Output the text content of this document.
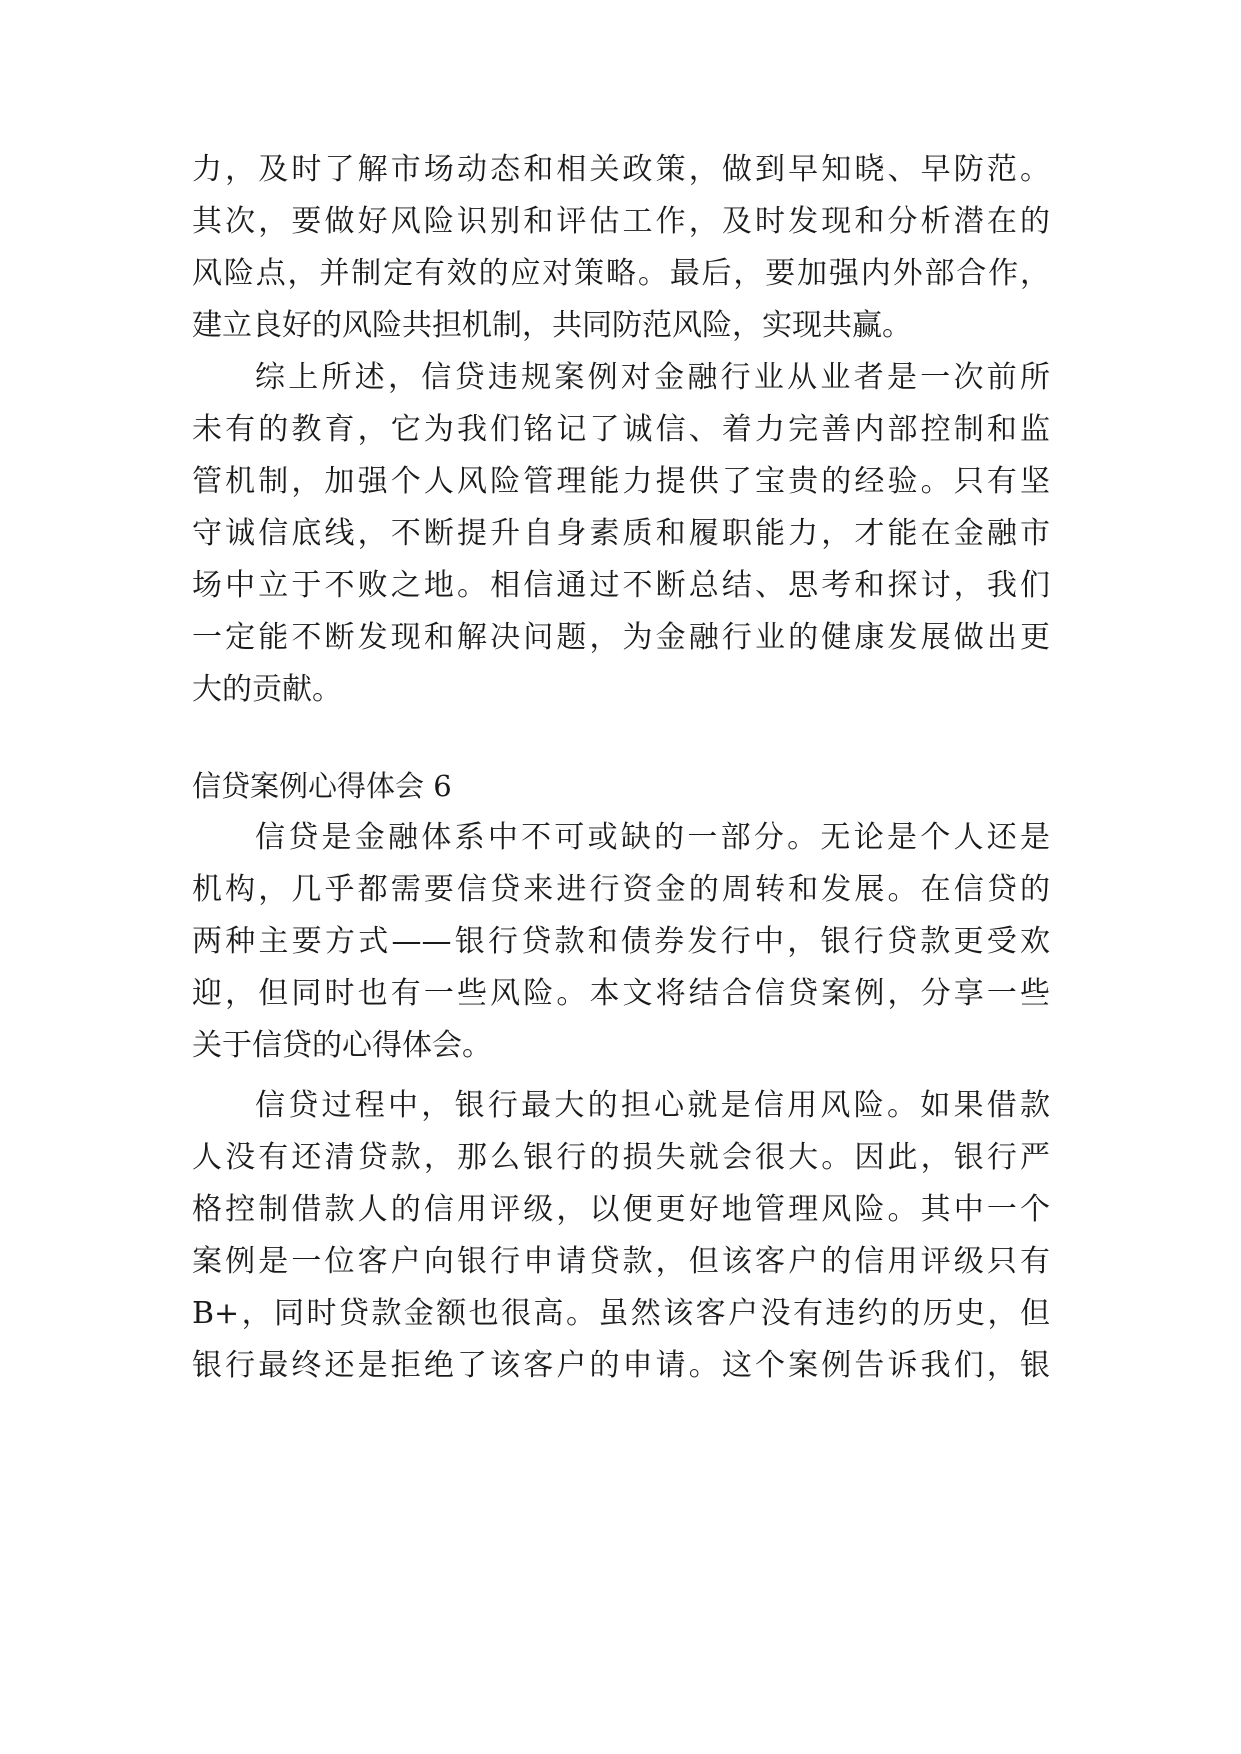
力，及时了解市场动态和相关政策，做到早知晓、早防范。
其次，要做好风险识别和评估工作，及时发现和分析潜在的
风险点，并制定有效的应对策略。最后，要加强内外部合作，
建立良好的风险共担机制，共同防范风险，实现共赢。
综上所述，信贷违规案例对金融行业从业者是一次前所
未有的教育，它为我们铭记了诚信、着力完善内部控制和监
管机制，加强个人风险管理能力提供了宝贵的经验。只有坚
守诚信底线，不断提升自身素质和履职能力，才能在金融市
场中立于不败之地。相信通过不断总结、思考和探讨，我们
一定能不断发现和解决问题，为金融行业的健康发展做出更
大的贡献。
信贷案例心得体会 6
信贷是金融体系中不可或缺的一部分。无论是个人还是
机构，几乎都需要信贷来进行资金的周转和发展。在信贷的
两种主要方式——银行贷款和债券发行中，银行贷款更受欢
迎，但同时也有一些风险。本文将结合信贷案例，分享一些
关于信贷的心得体会。
信贷过程中，银行最大的担心就是信用风险。如果借款
人没有还清贷款，那么银行的损失就会很大。因此，银行严
格控制借款人的信用评级，以便更好地管理风险。其中一个
案例是一位客户向银行申请贷款，但该客户的信用评级只有
B+，同时贷款金额也很高。虽然该客户没有违约的历史，但
银行最终还是拒绝了该客户的申请。这个案例告诉我们，银
